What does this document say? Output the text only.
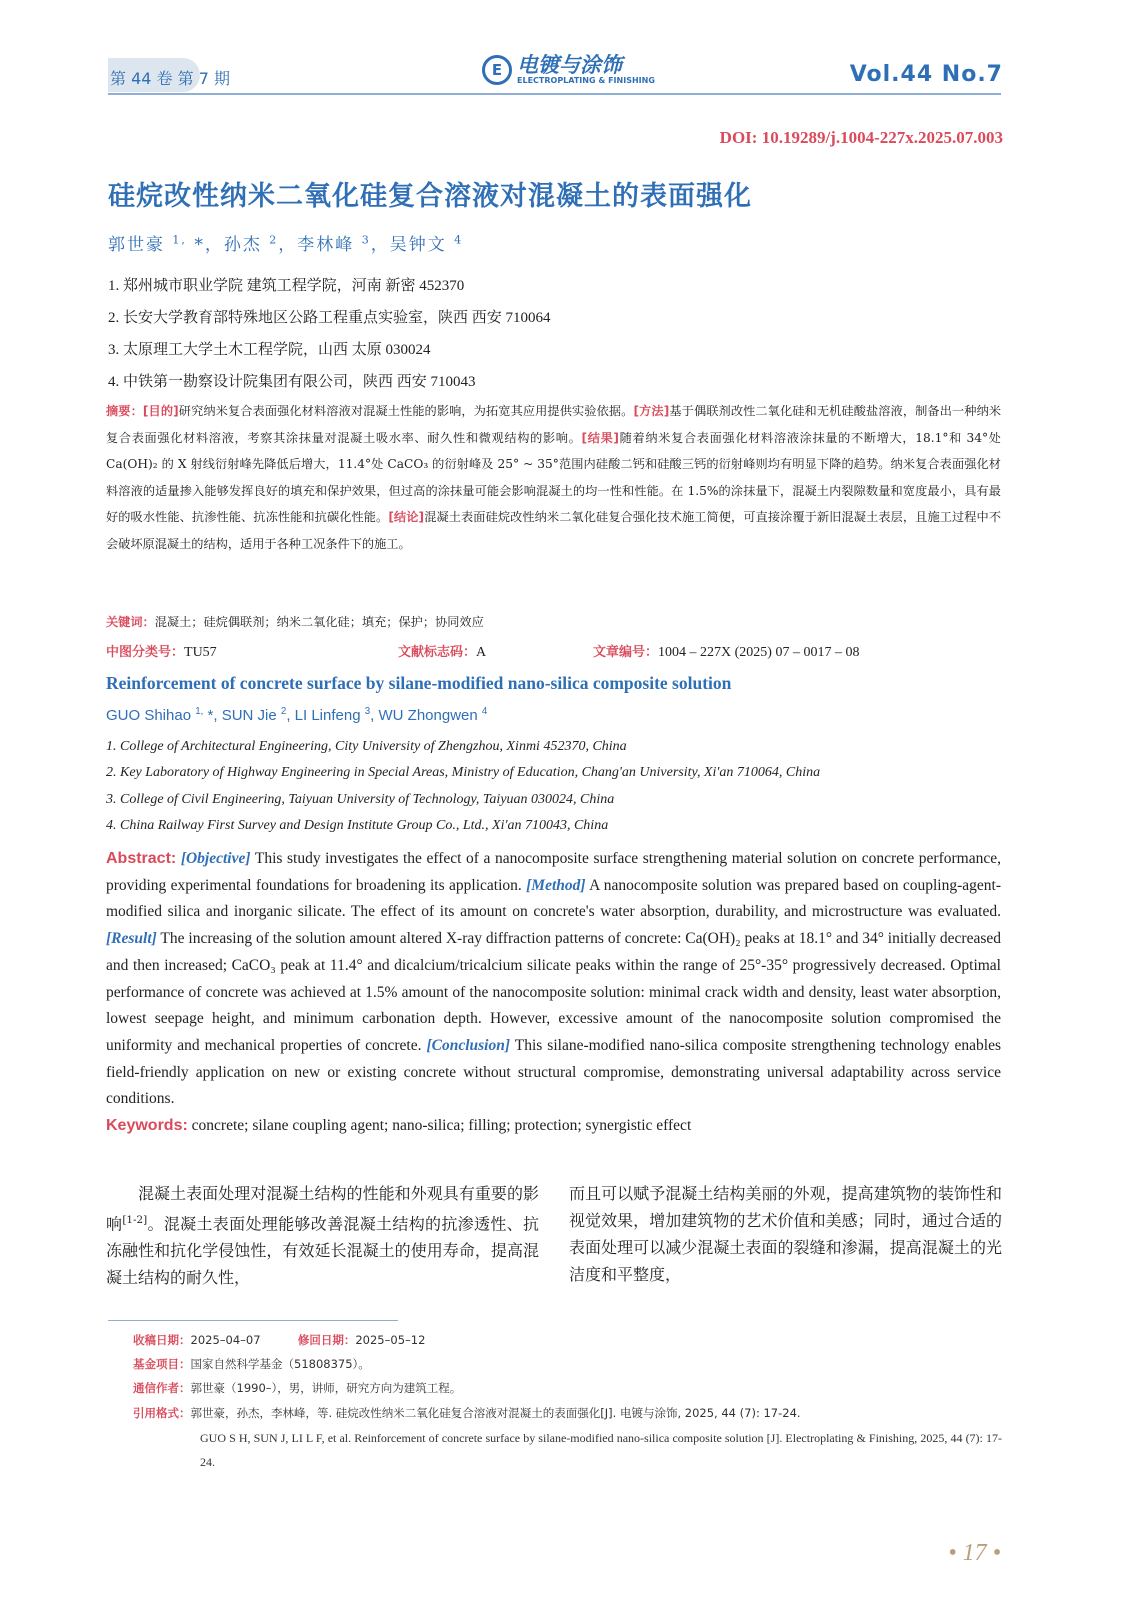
第 44 卷 第 7 期	E 电镀与涂饰
ELECTROPLATING & FINISHING	Vol.44 No.7
DOI: 10.19289/j.1004-227x.2025.07.003
硅烷改性纳米二氧化硅复合溶液对混凝土的表面强化
郭世豪 $^{1,}$ *，孙杰 $^2$，李林峰 $^3$，吴钟文 $^4$
1. 郑州城市职业学院 建筑工程学院，河南 新密 452370
2. 长安大学教育部特殊地区公路工程重点实验室，陕西 西安 710064
3. 太原理工大学土木工程学院，山西 太原 030024
4. 中铁第一勘察设计院集团有限公司，陕西 西安 710043
摘要：[目的]研究纳米复合表面强化材料溶液对混凝土性能的影响，为拓宽其应用提供实验依据。[方法]基于偶联剂改性二氧化硅和无机硅酸盐溶液，制备出一种纳米复合表面强化材料溶液，考察其涂抹量对混凝土吸水率、耐久性和微观结构的影响。[结果]随着纳米复合表面强化材料溶液涂抹量的不断增大，18.1°和 34°处 Ca(OH)₂ 的 X 射线衍射峰先降低后增大，11.4°处 CaCO₃ 的衍射峰及 25° ~ 35°范围内硅酸二钙和硅酸三钙的衍射峰则均有明显下降的趋势。纳米复合表面强化材料溶液的适量掺入能够发挥良好的填充和保护效果，但过高的涂抹量可能会影响混凝土的均一性和性能。在 1.5%的涂抹量下，混凝土内裂隙数量和宽度最小，具有最好的吸水性能、抗渗性能、抗冻性能和抗碳化性能。[结论]混凝土表面硅烷改性纳米二氧化硅复合强化技术施工简便，可直接涂覆于新旧混凝土表层，且施工过程中不会破坏原混凝土的结构，适用于各种工况条件下的施工。
关键词：混凝土；硅烷偶联剂；纳米二氧化硅；填充；保护；协同效应
中图分类号：TU57	文献标志码：A	文章编号：1004 – 227X (2025) 07 – 0017 – 08
Reinforcement of concrete surface by silane-modified nano-silica composite solution
GUO Shihao $^{1,}$ *, SUN Jie $^2$, LI Linfeng $^3$, WU Zhongwen $^4$
1. College of Architectural Engineering, City University of Zhengzhou, Xinmi 452370, China
2. Key Laboratory of Highway Engineering in Special Areas, Ministry of Education, Chang'an University, Xi'an 710064, China
3. College of Civil Engineering, Taiyuan University of Technology, Taiyuan 030024, China
4. China Railway First Survey and Design Institute Group Co., Ltd., Xi'an 710043, China
Abstract: [Objective] This study investigates the effect of a nanocomposite surface strengthening material solution on concrete performance, providing experimental foundations for broadening its application. [Method] A nanocomposite solution was prepared based on coupling-agent-modified silica and inorganic silicate. The effect of its amount on concrete's water absorption, durability, and microstructure was evaluated. [Result] The increasing of the solution amount altered X-ray diffraction patterns of concrete: Ca(OH)₂ peaks at 18.1° and 34° initially decreased and then increased; CaCO₃ peak at 11.4° and dicalcium/tricalcium silicate peaks within the range of 25°-35° progressively decreased. Optimal performance of concrete was achieved at 1.5% amount of the nanocomposite solution: minimal crack width and density, least water absorption, lowest seepage height, and minimum carbonation depth. However, excessive amount of the nanocomposite solution compromised the uniformity and mechanical properties of concrete. [Conclusion] This silane-modified nano-silica composite strengthening technology enables field-friendly application on new or existing concrete without structural compromise, demonstrating universal adaptability across service conditions.
Keywords: concrete; silane coupling agent; nano-silica; filling; protection; synergistic effect

混凝土表面处理对混凝土结构的性能和外观具有重要的影响[1-2]。混凝土表面处理能够改善混凝土结构的抗渗透性、抗冻融性和抗化学侵蚀性，有效延长混凝土的使用寿命，提高混凝土结构的耐久性，

而且可以赋予混凝土结构美丽的外观，提高建筑物的装饰性和视觉效果，增加建筑物的艺术价值和美感；同时，通过合适的表面处理可以减少混凝土表面的裂缝和渗漏，提高混凝土的光洁度和平整度，

收稿日期：2025–04–07	修回日期：2025–05–12
基金项目：国家自然科学基金（51808375）。
通信作者：郭世豪（1990–），男，讲师，研究方向为建筑工程。
引用格式：郭世豪，孙杰，李林峰，等. 硅烷改性纳米二氧化硅复合溶液对混凝土的表面强化[J]. 电镀与涂饰, 2025, 44 (7): 17-24.
GUO S H, SUN J, LI L F, et al. Reinforcement of concrete surface by silane-modified nano-silica composite solution [J]. Electroplating & Finishing, 2025, 44 (7): 17-24.
• 17 •
